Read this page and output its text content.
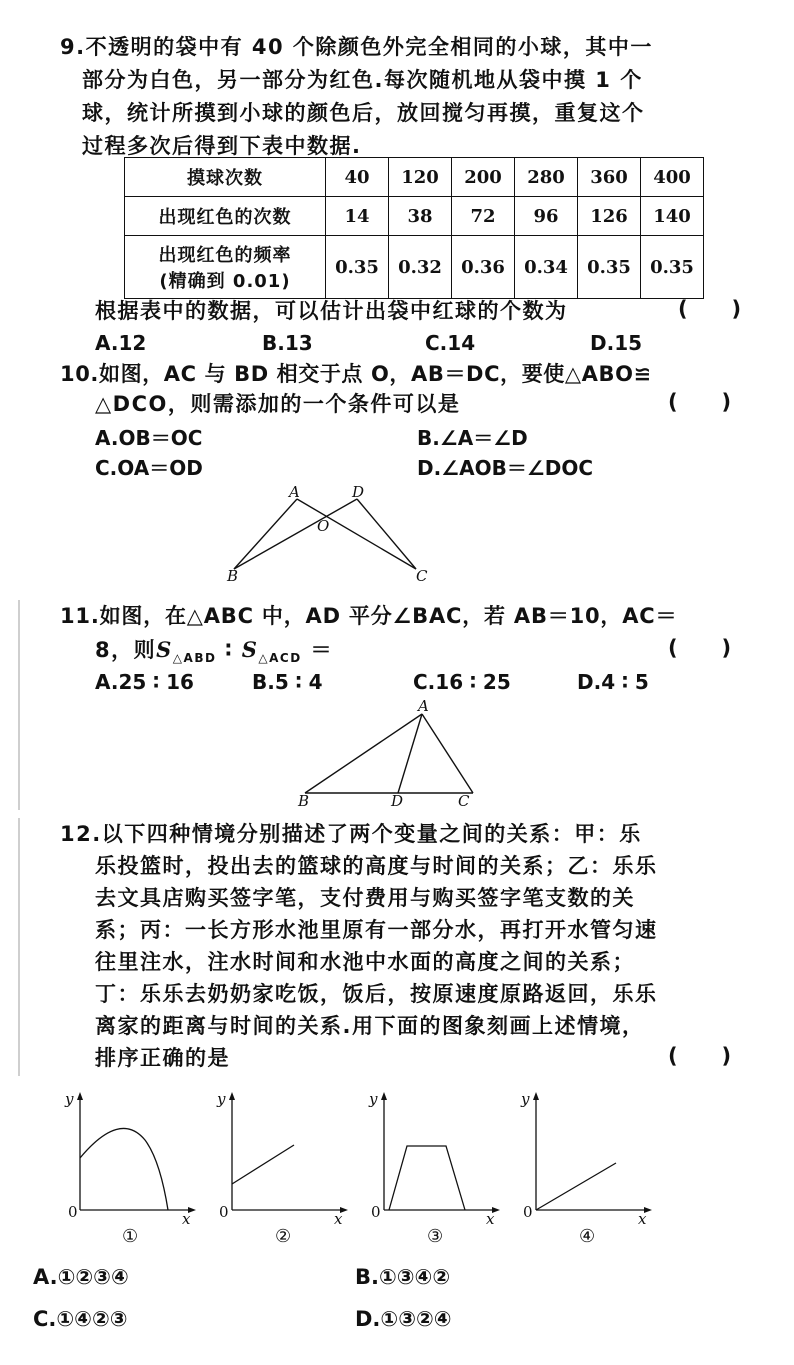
9.不透明的袋中有 40 个除颜色外完全相同的小球，其中一
部分为白色，另一部分为红色.每次随机地从袋中摸 1 个
球，统计所摸到小球的颜色后，放回搅匀再摸，重复这个
过程多次后得到下表中数据.
摸球次数	40	120	200	280	360	400
出现红色的次数	14	38	72	96	126	140

出现红色的频率
(精确到 0.01)	0.35	0.32	0.36	0.34	0.35	0.35
根据表中的数据，可以估计出袋中红球的个数为	(      )
A.12	B.13	C.14	D.15
10.如图，AC 与 BD 相交于点 O，AB＝DC，要使△ABO≌
△DCO，则需添加的一个条件可以是	(      )
A.OB＝OC	B.∠A＝∠D
C.OA＝OD	D.∠AOB＝∠DOC
A	D
O
B	C
11.如图，在△ABC 中，AD 平分∠BAC，若 AB＝10，AC＝
8，则$S_{\triangle ABD}$ ∶ $S_{\triangle ACD}$ ＝	(      )
A.25 ∶ 16	B.5 ∶ 4	C.16 ∶ 25	D.4 ∶ 5
A
B	D	C
12.以下四种情境分别描述了两个变量之间的关系：甲：乐
乐投篮时，投出去的篮球的高度与时间的关系；乙：乐乐
去文具店购买签字笔，支付费用与购买签字笔支数的关
系；丙：一长方形水池里原有一部分水，再打开水管匀速
往里注水，注水时间和水池中水面的高度之间的关系；
丁：乐乐去奶奶家吃饭，饭后，按原速度原路返回，乐乐
离家的距离与时间的关系.用下面的图象刻画上述情境，
排序正确的是	(      )
y
0	x
①
y
0	x
②
y
0	x
③
y
0	x
④
A.①②③④	B.①③④②
C.①④②③	D.①③②④
